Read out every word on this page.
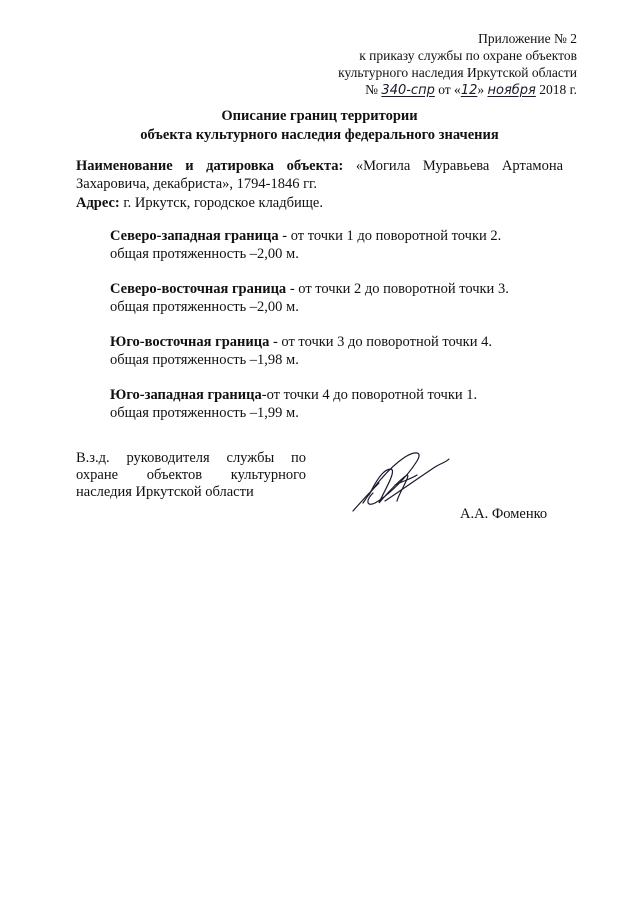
Приложение № 2
к приказу службы по охране объектов
культурного наследия Иркутской области
№ 340-спр от «12» ноября 2018 г.
Описание границ территории
объекта культурного наследия федерального значения
Наименование и датировка объекта: «Могила Муравьева Артамона Захаровича, декабриста», 1794-1846 гг.
Адрес: г. Иркутск, городское кладбище.
Северо-западная граница - от точки 1 до поворотной точки 2.
общая протяженность –2,00 м.
Северо-восточная граница - от точки 2 до поворотной точки 3.
общая протяженность –2,00 м.
Юго-восточная граница - от точки 3 до поворотной точки 4.
общая протяженность –1,98 м.
Юго-западная граница-от точки 4 до поворотной точки 1.
общая протяженность –1,99 м.
В.з.д. руководителя службы по
охране объектов культурного
наследия Иркутской области
А.А. Фоменко
